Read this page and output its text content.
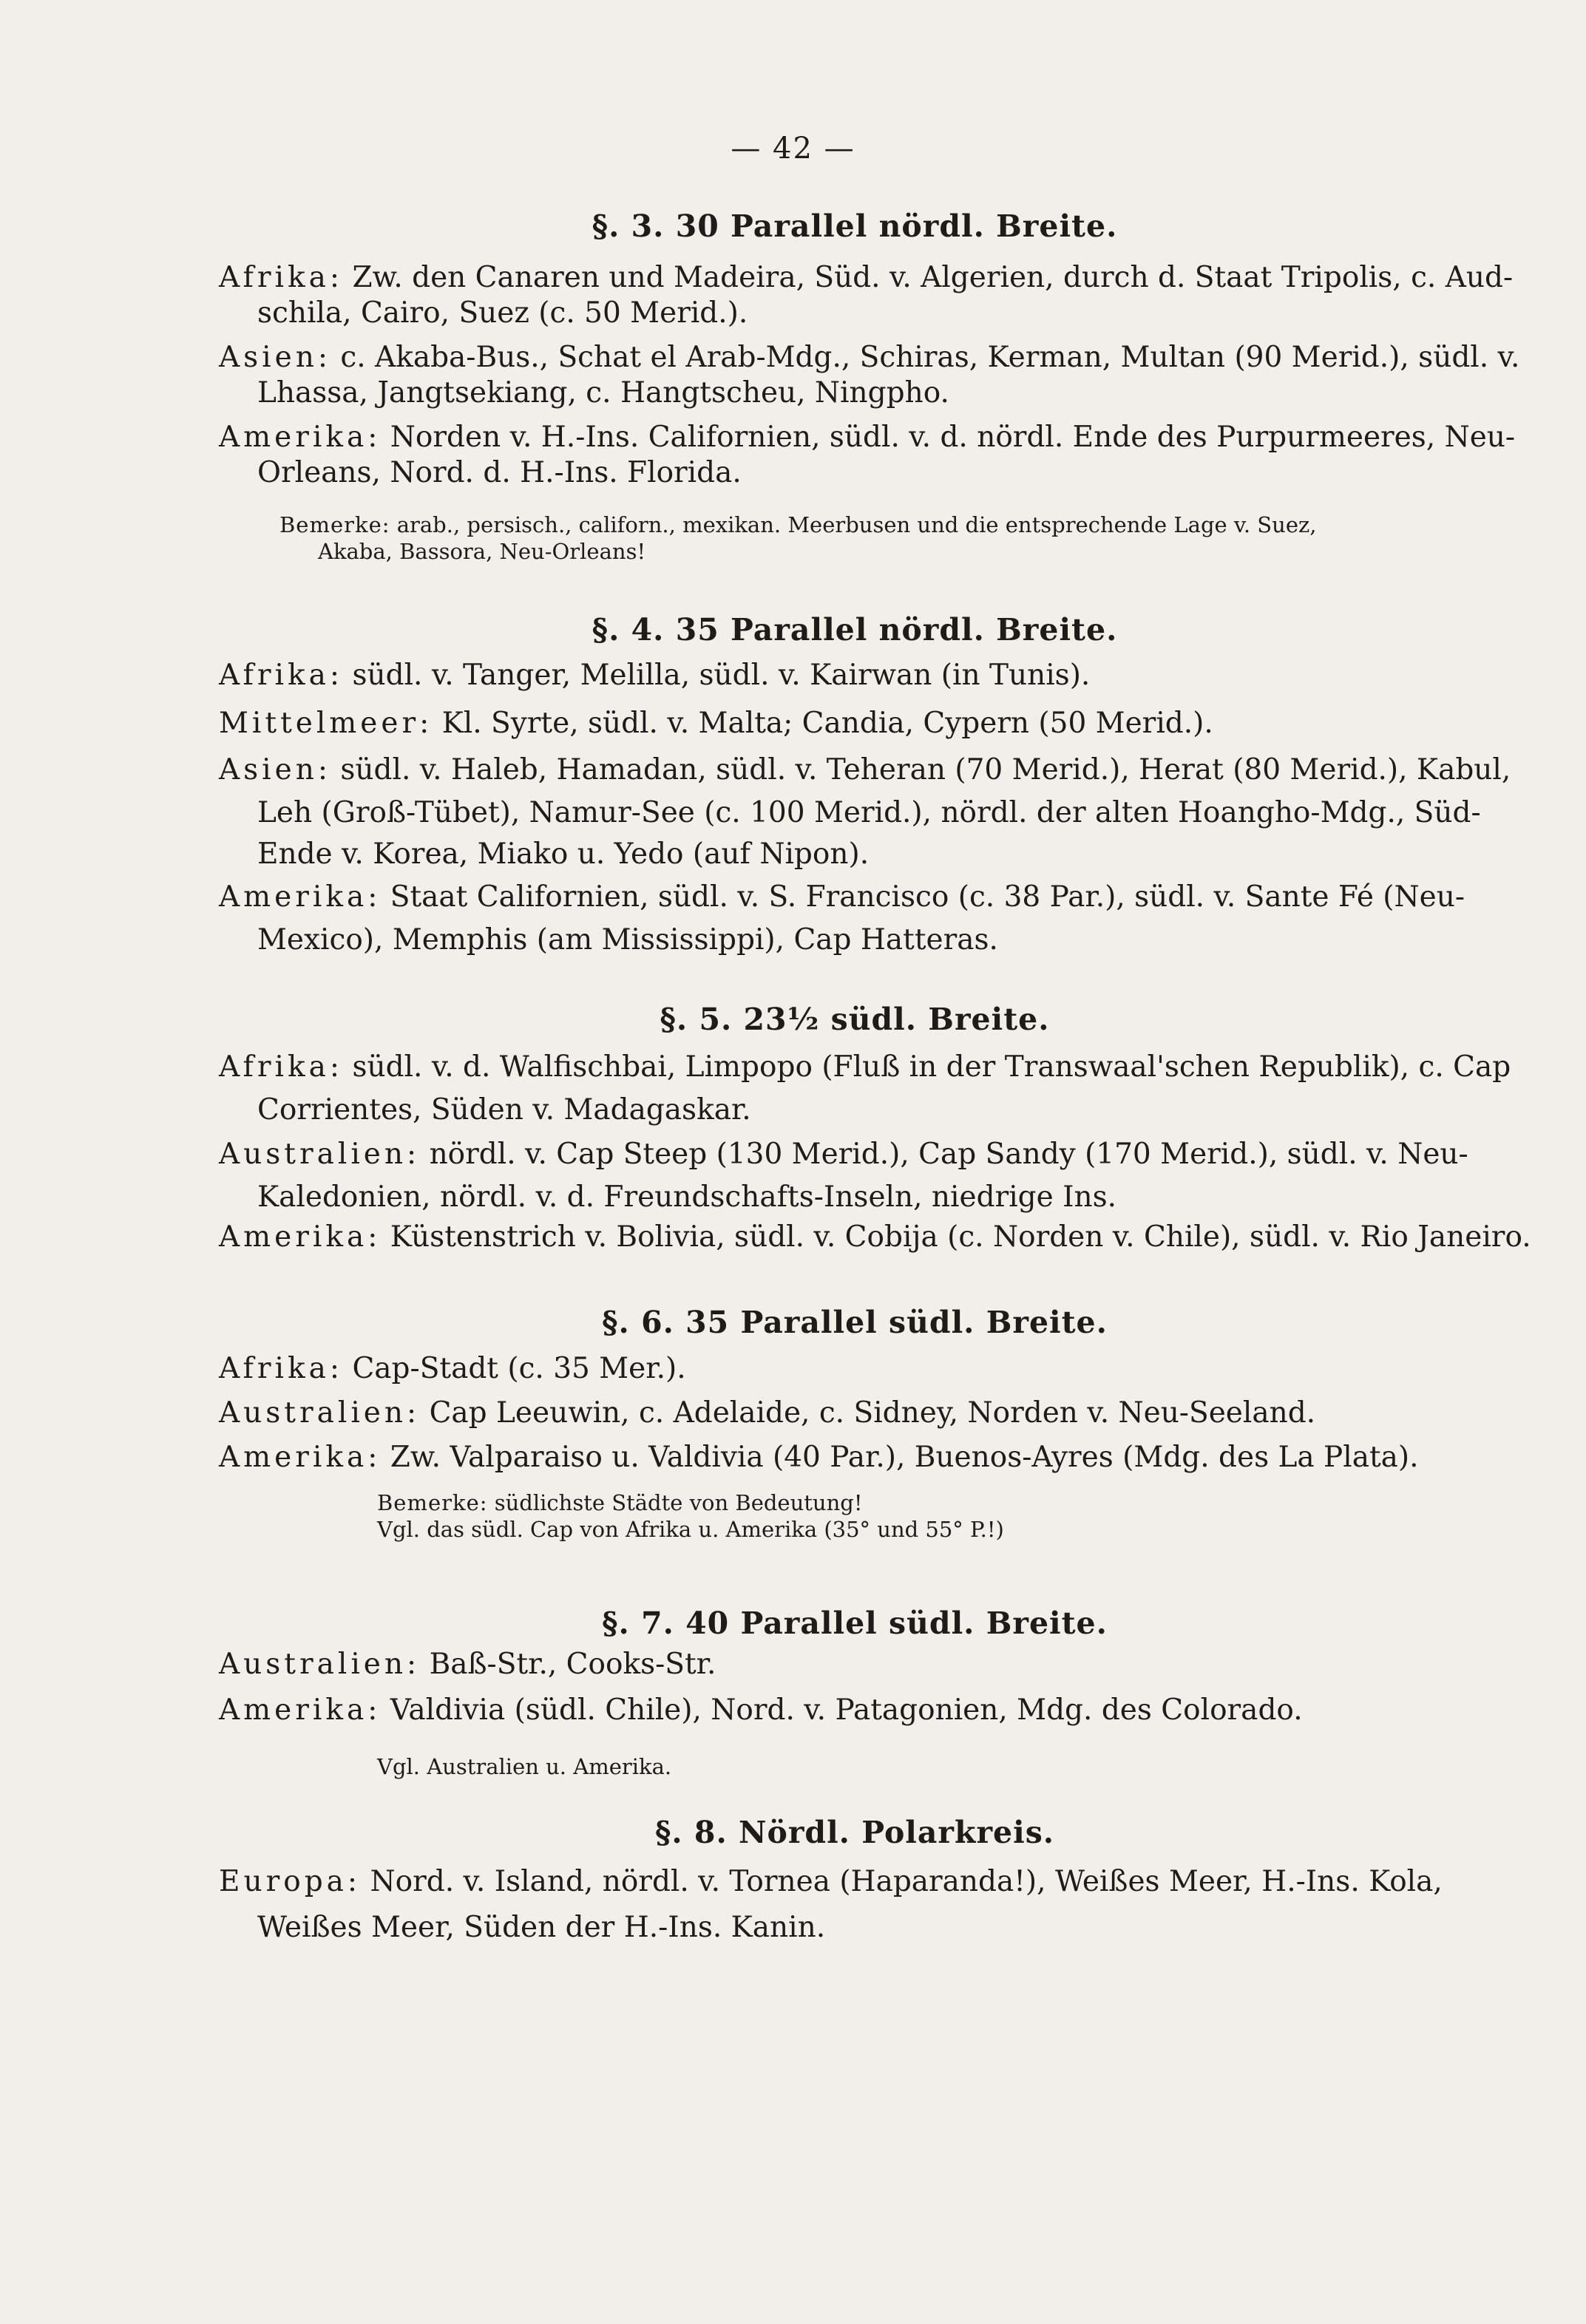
— 42 —

§. 3. 30 Parallel nördl. Breite.

Afrika: Zw. den Canaren und Madeira, Süd. v. Algerien, durch d. Staat Tripolis, c. Aud-

schila, Cairo, Suez (c. 50 Merid.).

Asien: c. Akaba-Bus., Schat el Arab-Mdg., Schiras, Kerman, Multan (90 Merid.), südl. v.

Lhassa, Jangtsekiang, c. Hangtscheu, Ningpho.

Amerika: Norden v. H.-Ins. Californien, südl. v. d. nördl. Ende des Purpurmeeres, Neu-

Orleans, Nord. d. H.-Ins. Florida.

Bemerke: arab., persisch., californ., mexikan. Meerbusen und die entsprechende Lage v. Suez,

Akaba, Bassora, Neu-Orleans!

§. 4. 35 Parallel nördl. Breite.

Afrika: südl. v. Tanger, Melilla, südl. v. Kairwan (in Tunis).

Mittelmeer: Kl. Syrte, südl. v. Malta; Candia, Cypern (50 Merid.).

Asien: südl. v. Haleb, Hamadan, südl. v. Teheran (70 Merid.), Herat (80 Merid.), Kabul,

Leh (Groß-Tübet), Namur-See (c. 100 Merid.), nördl. der alten Hoangho-Mdg., Süd-

Ende v. Korea, Miako u. Yedo (auf Nipon).

Amerika: Staat Californien, südl. v. S. Francisco (c. 38 Par.), südl. v. Sante Fé (Neu-

Mexico), Memphis (am Mississippi), Cap Hatteras.

§. 5. 23½ südl. Breite.

Afrika: südl. v. d. Walfischbai, Limpopo (Fluß in der Transwaal'schen Republik), c. Cap

Corrientes, Süden v. Madagaskar.

Australien: nördl. v. Cap Steep (130 Merid.), Cap Sandy (170 Merid.), südl. v. Neu-

Kaledonien, nördl. v. d. Freundschafts-Inseln, niedrige Ins.

Amerika: Küstenstrich v. Bolivia, südl. v. Cobija (c. Norden v. Chile), südl. v. Rio Janeiro.

§. 6. 35 Parallel südl. Breite.

Afrika: Cap-Stadt (c. 35 Mer.).

Australien: Cap Leeuwin, c. Adelaide, c. Sidney, Norden v. Neu-Seeland.

Amerika: Zw. Valparaiso u. Valdivia (40 Par.), Buenos-Ayres (Mdg. des La Plata).

Bemerke: südlichste Städte von Bedeutung!

Vgl. das südl. Cap von Afrika u. Amerika (35° und 55° P.!)

§. 7. 40 Parallel südl. Breite.

Australien: Baß-Str., Cooks-Str.

Amerika: Valdivia (südl. Chile), Nord. v. Patagonien, Mdg. des Colorado.

Vgl. Australien u. Amerika.

§. 8. Nördl. Polarkreis.

Europa: Nord. v. Island, nördl. v. Tornea (Haparanda!), Weißes Meer, H.-Ins. Kola,

Weißes Meer, Süden der H.-Ins. Kanin.
